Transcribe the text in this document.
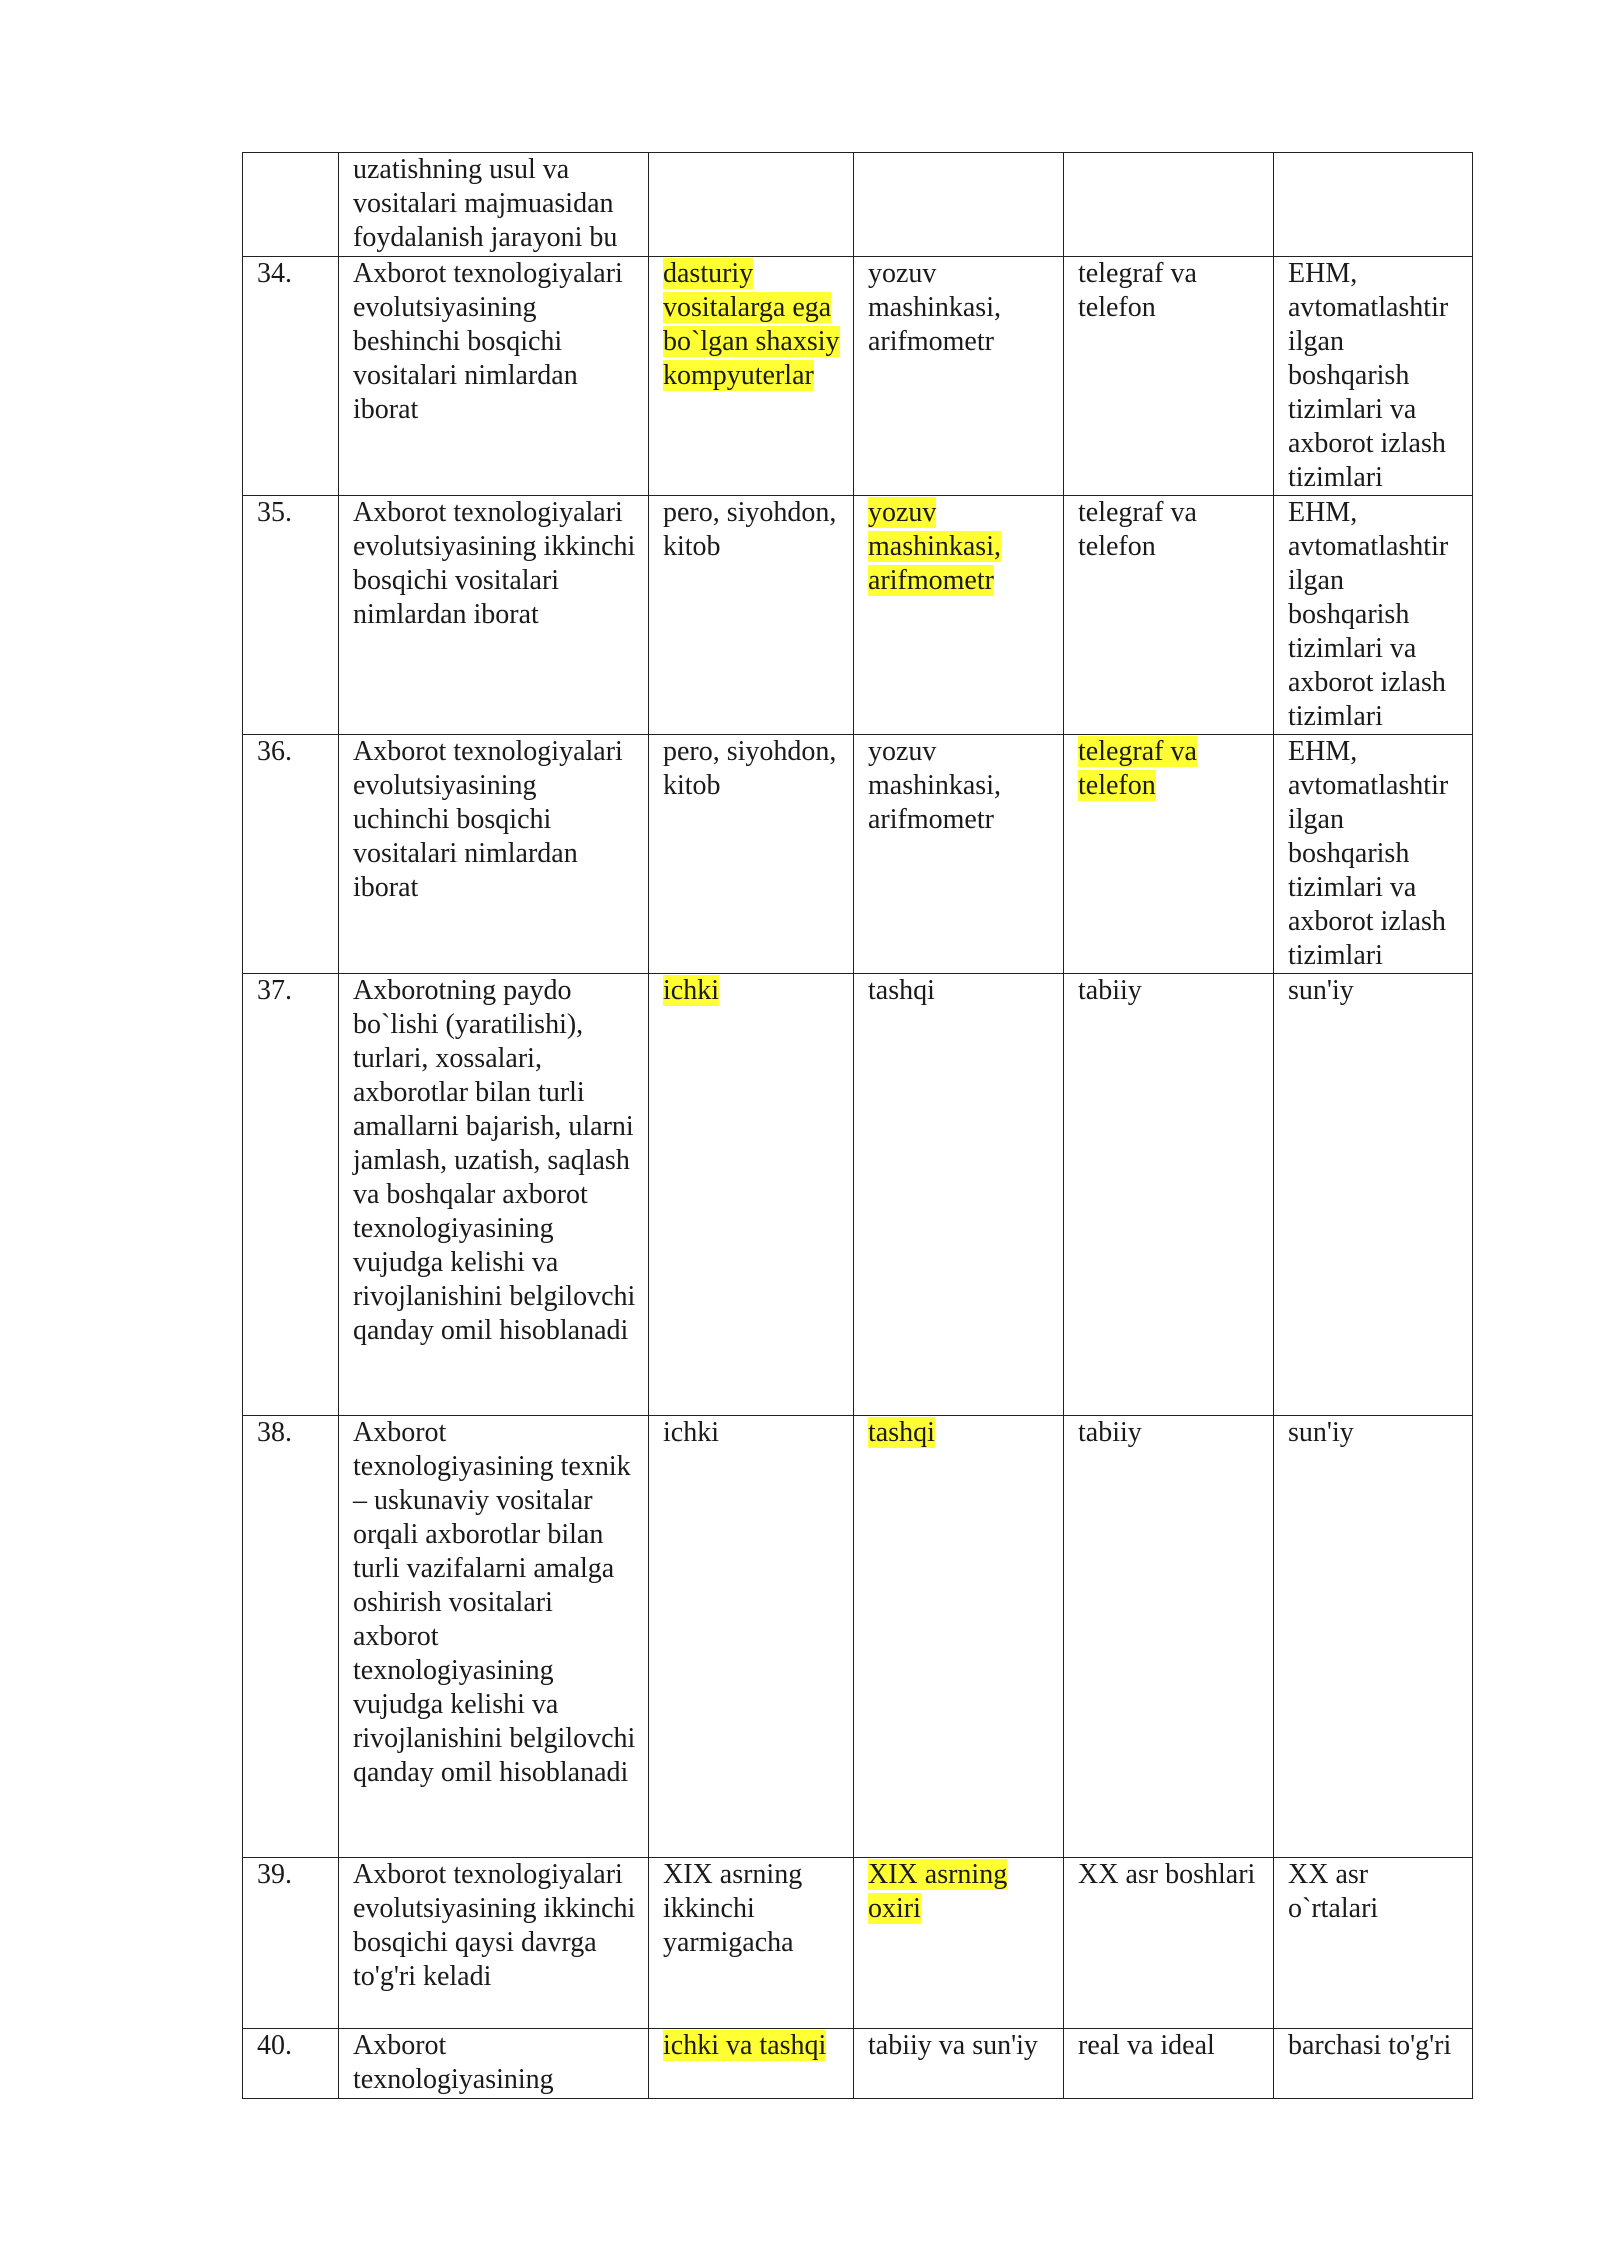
	uzatishning usul va vositalari majmuasidan foydalanish jarayoni bu				
34.	Axborot texnologiyalari evolutsiyasining beshinchi bosqichi vositalari nimlardan iborat	dasturiy vositalarga ega bo`lgan shaxsiy kompyuterlar	yozuv mashinkasi, arifmometr	telegraf va telefon	EHM, avtomatlashtir ilgan boshqarish tizimlari va axborot izlash tizimlari
35.	Axborot texnologiyalari evolutsiyasining ikkinchi bosqichi vositalari nimlardan iborat	pero, siyohdon, kitob	yozuv mashinkasi, arifmometr	telegraf va telefon	EHM, avtomatlashtir ilgan boshqarish tizimlari va axborot izlash tizimlari
36.	Axborot texnologiyalari evolutsiyasining uchinchi bosqichi vositalari nimlardan iborat	pero, siyohdon, kitob	yozuv mashinkasi, arifmometr	telegraf va telefon	EHM, avtomatlashtir ilgan boshqarish tizimlari va axborot izlash tizimlari
37.	Axborotning paydo bo`lishi (yaratilishi), turlari, xossalari, axborotlar bilan turli amallarni bajarish, ularni jamlash, uzatish, saqlash va boshqalar axborot texnologiyasining vujudga kelishi va rivojlanishini belgilovchi qanday omil hisoblanadi	ichki	tashqi	tabiiy	sun'iy
38.	Axborot texnologiyasining texnik – uskunaviy vositalar orqali axborotlar bilan turli vazifalarni amalga oshirish vositalari axborot texnologiyasining vujudga kelishi va rivojlanishini belgilovchi qanday omil hisoblanadi	ichki	tashqi	tabiiy	sun'iy
39.	Axborot texnologiyalari evolutsiyasining ikkinchi bosqichi qaysi davrga to'g'ri keladi	XIX asrning ikkinchi yarmigacha	XIX asrning oxiri	XX asr boshlari	XX asr o`rtalari
40.	Axborot texnologiyasining	ichki va tashqi	tabiiy va sun'iy	real va ideal	barchasi to'g'ri
